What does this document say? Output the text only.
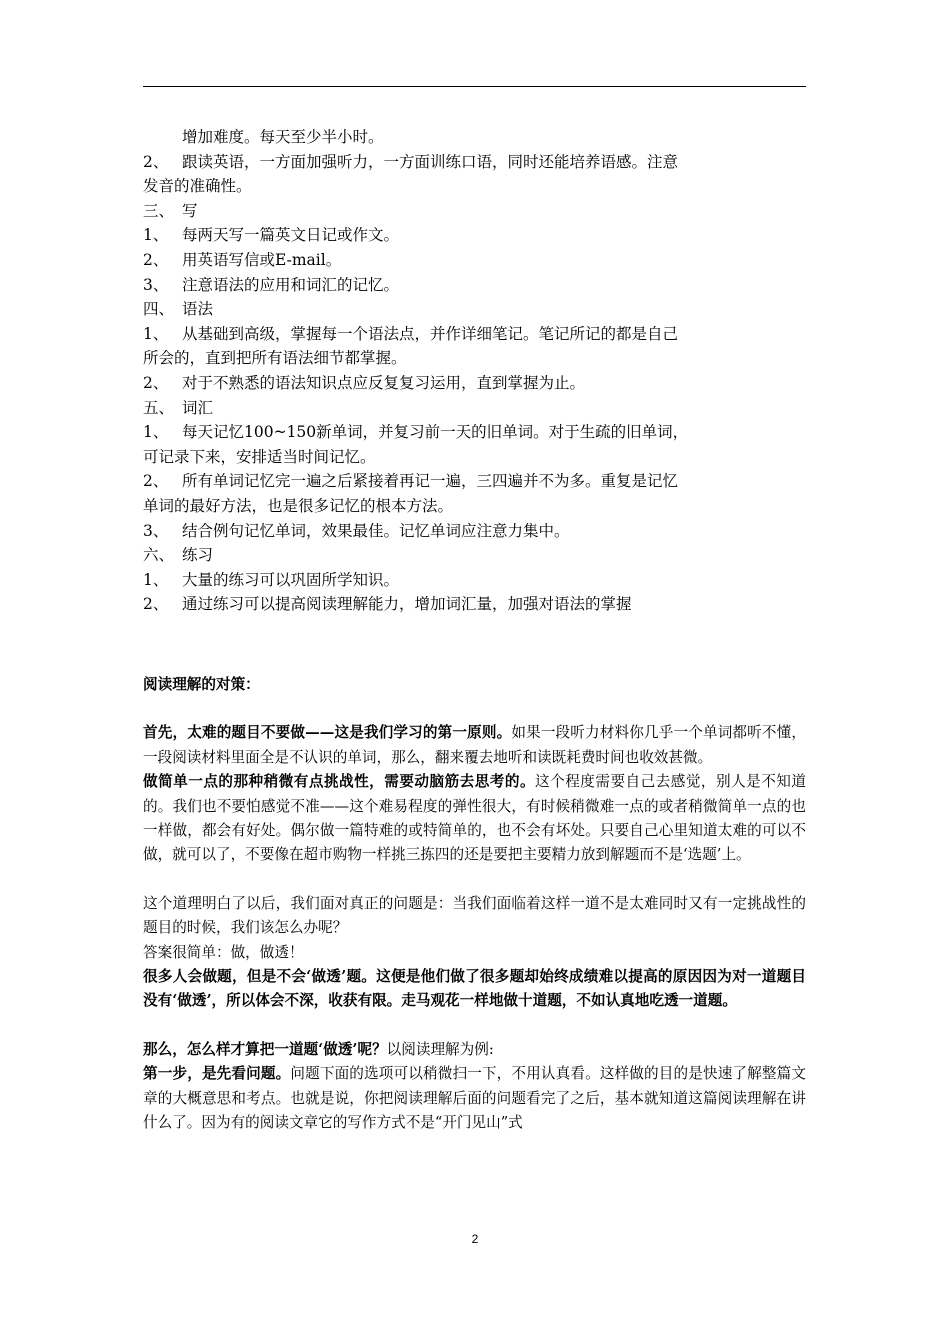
增加难度。每天至少半小时。

2、 跟读英语，一方面加强听力，一方面训练口语，同时还能培养语感。注意

发音的准确性。

三、 写

1、 每两天写一篇英文日记或作文。

2、 用英语写信或E-mail。

3、 注意语法的应用和词汇的记忆。

四、 语法

1、 从基础到高级，掌握每一个语法点，并作详细笔记。笔记所记的都是自己

所会的，直到把所有语法细节都掌握。

2、 对于不熟悉的语法知识点应反复复习运用，直到掌握为止。

五、 词汇

1、 每天记忆100~150新单词，并复习前一天的旧单词。对于生疏的旧单词，

可记录下来，安排适当时间记忆。

2、 所有单词记忆完一遍之后紧接着再记一遍，三四遍并不为多。重复是记忆

单词的最好方法，也是很多记忆的根本方法。

3、 结合例句记忆单词，效果最佳。记忆单词应注意力集中。

六、 练习

1、 大量的练习可以巩固所学知识。

2、 通过练习可以提高阅读理解能力，增加词汇量，加强对语法的掌握

阅读理解的对策：

首先，太难的题目不要做——这是我们学习的第一原则。如果一段听力材料你几乎一个单词都听不懂，一段阅读材料里面全是不认识的单词，那么，翻来覆去地听和读既耗费时间也收效甚微。

做简单一点的那种稍微有点挑战性，需要动脑筋去思考的。这个程度需要自己去感觉，别人是不知道的。我们也不要怕感觉不准——这个难易程度的弹性很大，有时候稍微难一点的或者稍微简单一点的也一样做，都会有好处。偶尔做一篇特难的或特简单的，也不会有坏处。只要自己心里知道太难的可以不做，就可以了，不要像在超市购物一样挑三拣四的还是要把主要精力放到解题而不是‘选题’上。

这个道理明白了以后，我们面对真正的问题是：当我们面临着这样一道不是太难同时又有一定挑战性的题目的时候，我们该怎么办呢？

答案很简单：做，做透！

很多人会做题，但是不会‘做透’题。这便是他们做了很多题却始终成绩难以提高的原因因为对一道题目没有‘做透’，所以体会不深，收获有限。走马观花一样地做十道题，不如认真地吃透一道题。

那么，怎么样才算把一道题‘做透’呢？以阅读理解为例:

第一步，是先看问题。问题下面的选项可以稍微扫一下，不用认真看。这样做的目的是快速了解整篇文章的大概意思和考点。也就是说，你把阅读理解后面的问题看完了之后，基本就知道这篇阅读理解在讲什么了。因为有的阅读文章它的写作方式不是“开门见山”式

2
